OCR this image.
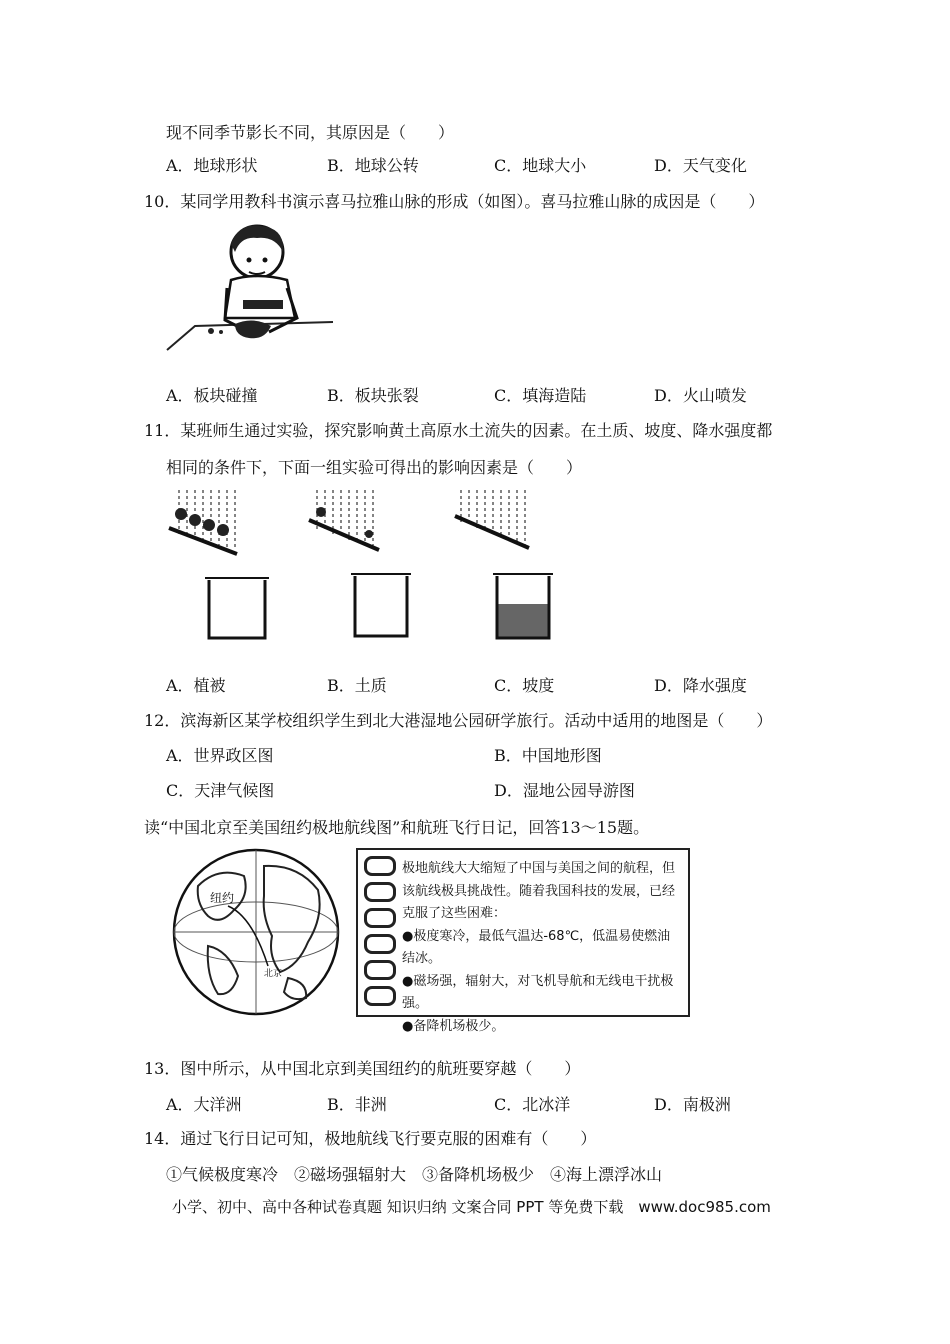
现不同季节影长不同，其原因是（　　）
A．地球形状	B．地球公转	C．地球大小	D．天气变化
10．某同学用教科书演示喜马拉雅山脉的形成（如图）。喜马拉雅山脉的成因是（　　）
A．板块碰撞	B．板块张裂	C．填海造陆	D．火山喷发
11．某班师生通过实验，探究影响黄土高原水土流失的因素。在土质、坡度、降水强度都
相同的条件下，下面一组实验可得出的影响因素是（　　）
A．植被	B．土质	C．坡度	D．降水强度
12．滨海新区某学校组织学生到北大港湿地公园研学旅行。活动中适用的地图是（　　）
A．世界政区图	B．中国地形图
C．天津气候图	D．湿地公园导游图
读“中国北京至美国纽约极地航线图”和航班飞行日记，回答13～15题。
纽约
北京

极地航线大大缩短了中国与美国之间的航程，但该航线极具挑战性。随着我国科技的发展，已经克服了这些困难：

●极度寒冷，最低气温达-68℃，低温易使燃油结冰。

●磁场强，辐射大，对飞机导航和无线电干扰极强。

●备降机场极少。

13．图中所示，从中国北京到美国纽约的航班要穿越（　　）
A．大洋洲	B．非洲	C．北冰洋	D．南极洲
14．通过飞行日记可知，极地航线飞行要克服的困难有（　　）
①气候极度寒冷　②磁场强辐射大　③备降机场极少　④海上漂浮冰山
小学、初中、高中各种试卷真题 知识归纳 文案合同 PPT 等免费下载　www.doc985.com
